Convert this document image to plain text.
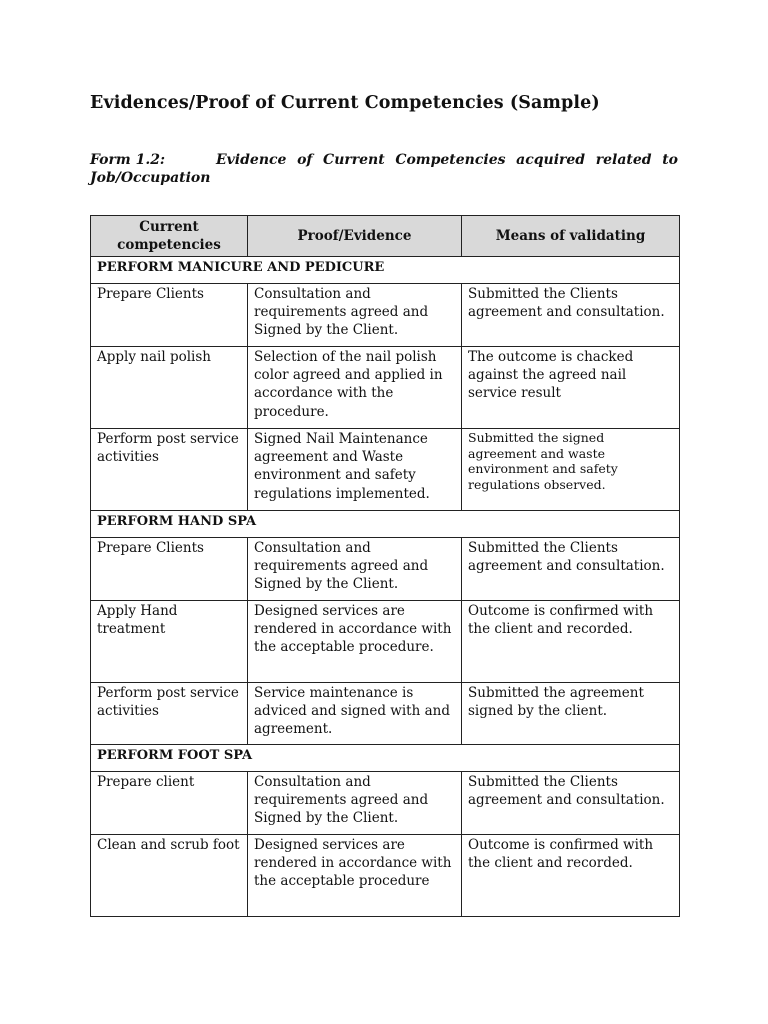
Evidences/Proof of Current Competencies (Sample)
Form 1.2:	Evidence of Current Competencies acquired related to
Job/Occupation
Current competencies	Proof/Evidence	Means of validating
PERFORM MANICURE AND PEDICURE		
Prepare Clients	Consultation and requirements agreed and Signed by the Client.	Submitted the Clients agreement and consultation.
Apply nail polish	Selection of the nail polish color agreed and applied in accordance with the procedure.	The outcome is chacked against the agreed nail service result
Perform post service activities	Signed Nail Maintenance agreement and Waste environment and safety regulations implemented.	Submitted the signed agreement and waste environment and safety regulations observed.
PERFORM HAND SPA		
Prepare Clients	Consultation and requirements agreed and Signed by the Client.	Submitted the Clients agreement and consultation.
Apply Hand treatment	Designed services are rendered in accordance with the acceptable procedure.	Outcome is confirmed with the client and recorded.
Perform post service activities	Service maintenance is adviced and signed with and agreement.	Submitted the agreement signed by the client.
PERFORM FOOT SPA		
Prepare client	Consultation and requirements agreed and Signed by the Client.	Submitted the Clients agreement and consultation.
Clean and scrub foot	Designed services are rendered in accordance with the acceptable procedure	Outcome is confirmed with the client and recorded.
